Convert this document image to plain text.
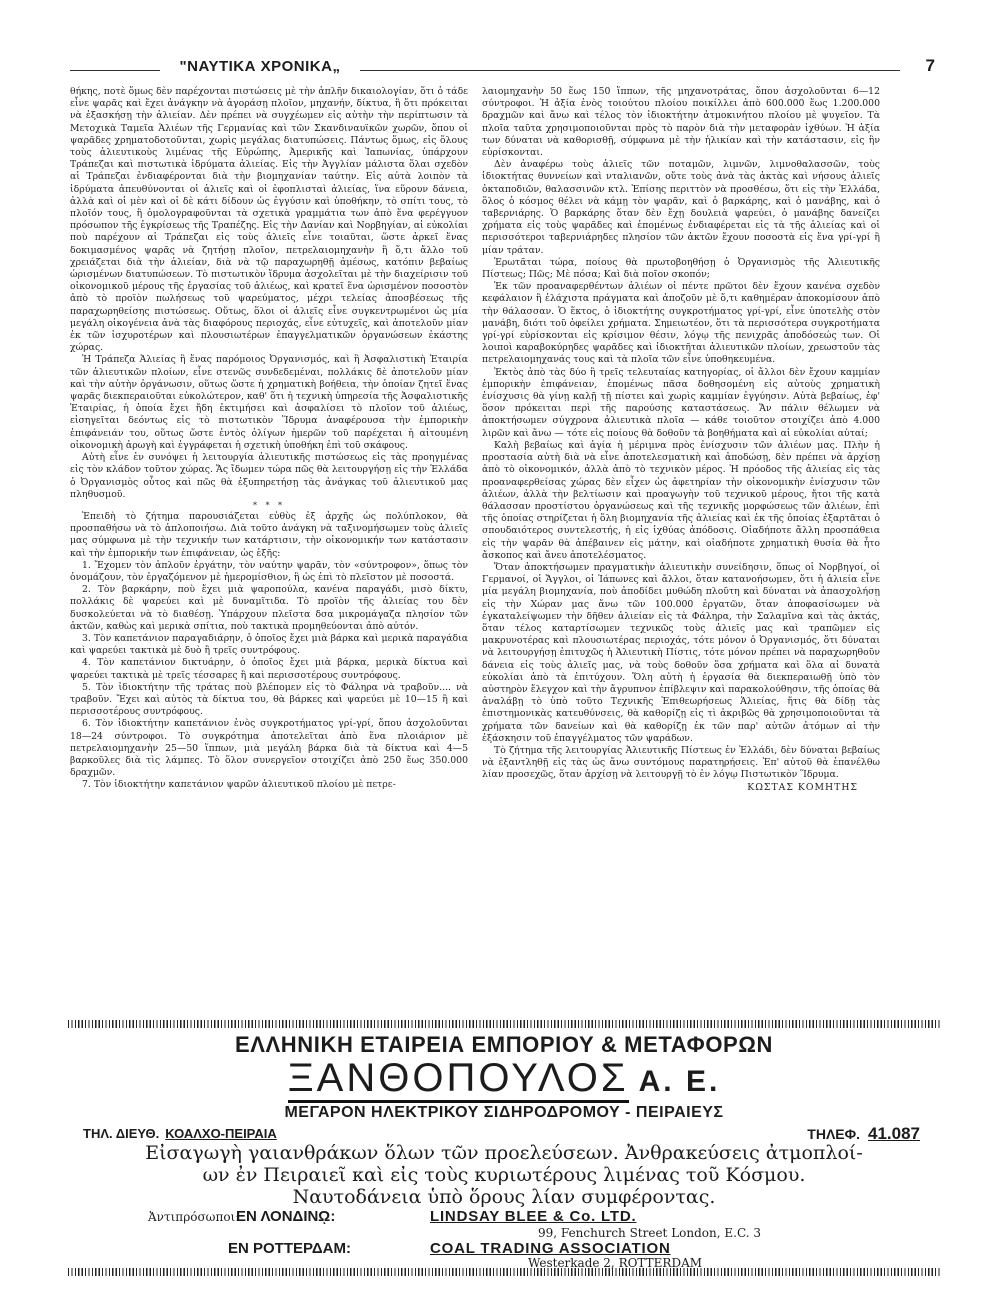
"ΝΑΥΤΙΚΑ ΧΡΟΝΙΚΑ„	7

θήκης, ποτὲ ὅμως δὲν παρέχονται πιστώσεις μὲ τὴν ἁπλῆν δικαιολογίαν, ὅτι ὁ τάδε εἶνε ψαρᾶς καὶ ἔχει ἀνάγκην νὰ ἀγοράσῃ πλοῖον, μηχανήν, δίκτυα, ἢ ὅτι πρόκειται νὰ ἐξασκήσῃ τὴν ἁλιείαν. Δὲν πρέπει νὰ συγχέωμεν εἰς αὐτὴν τὴν περίπτωσιν τὰ Μετοχικὰ Ταμεῖα Ἁλιέων τῆς Γερμανίας καὶ τῶν Σκανδιναυϊκῶν χωρῶν, ὅπου οἱ ψαρᾶδες χρηματοδοτοῦνται, χωρὶς μεγάλας διατυπώσεις. Πάντως ὅμως, εἰς ὅλους τοὺς ἁλιευτικοὺς λιμένας τῆς Εὐρώπης, Ἀμερικῆς καὶ Ἰαπωνίας, ὑπάρχουν Τράπεζαι καὶ πιστωτικὰ ἱδρύματα ἁλιείας. Εἰς τὴν Ἀγγλίαν μάλιστα ὅλαι σχεδὸν αἱ Τράπεζαι ἐνδιαφέρονται διὰ τὴν βιομηχανίαν ταύτην. Εἰς αὐτὰ λοιπὸν τὰ ἱδρύματα ἀπευθύνονται οἱ ἁλιεῖς καὶ οἱ ἐφοπλισταὶ ἁλιείας, ἵνα εὕρουν δάνεια, ἀλλὰ καὶ οἱ μὲν καὶ οἱ δὲ κάτι δίδουν ὡς ἐγγύσιν καὶ ὑποθήκην, τὸ σπίτι τους, τὸ πλοῖόν τους, ἢ ὁμολογραφοῦνται τὰ σχετικὰ γραμμάτια των ἀπὸ ἕνα φερέγγυον πρόσωπον τῆς ἐγκρίσεως τῆς Τραπέζης. Εἰς τὴν Δανίαν καὶ Νορβηγίαν, αἱ εὐκολίαι ποὺ παρέχουν αἱ Τράπεζαι εἰς τοὺς ἁλιεῖς εἶνε τοιαῦται, ὥστε ἀρκεῖ ἕνας δοκιμασμένος ψαρᾶς νὰ ζητήσῃ πλοῖον, πετρελαιομηχανὴν ἢ ὅ,τι ἄλλο τοῦ χρειάζεται διὰ τὴν ἁλιείαν, διὰ νὰ τῷ παραχωρηθῇ ἀμέσως, κατόπιν βεβαίως ὡρισμένων διατυπώσεων. Τὸ πιστωτικὸν ἵδρυμα ἀσχολεῖται μὲ τὴν διαχείρισιν τοῦ οἰκονομικοῦ μέρους τῆς ἐργασίας τοῦ ἁλιέως, καὶ κρατεῖ ἕνα ὡρισμένον ποσοστὸν ἀπὸ τὸ προϊὸν πωλήσεως τοῦ ψαρεύματος, μέχρι τελείας ἀποσβέσεως τῆς παραχωρηθείσης πιστώσεως. Οὕτως, ὅλοι οἱ ἁλιεῖς εἶνε συγκεντρωμένοι ὡς μία μεγάλη οἰκογένεια ἀνὰ τὰς διαφόρους περιοχάς, εἶνε εὐτυχεῖς, καὶ ἀποτελοῦν μίαν ἐκ τῶν ἰσχυροτέρων καὶ πλουσιωτέρων ἐπαγγελματικῶν ὀργανώσεων ἑκάστης χώρας.

Ἡ Τράπεζα Ἁλιείας ἢ ἕνας παρόμοιος Ὀργανισμός, καὶ ἢ Ἀσφαλιστικὴ Ἑταιρία τῶν ἁλιευτικῶν πλοίων, εἶνε στενῶς συνδεδεμέναι, πολλάκις δὲ ἀποτελοῦν μίαν καὶ τὴν αὐτὴν ὀργάνωσιν, οὕτως ὥστε ἡ χρηματικὴ βοήθεια, τὴν ὁποίαν ζητεῖ ἕνας ψαρᾶς διεκπεραιοῦται εὐκολώτερον, καθ' ὅτι ἡ τεχνικὴ ὑπηρεσία τῆς Ἀσφαλιστικῆς Ἑταιρίας, ἡ ὁποία ἔχει ἤδη ἐκτιμήσει καὶ ἀσφαλίσει τὸ πλοῖον τοῦ ἁλιέως, εἰσηγεῖται δεόντως εἰς τὸ πιστωτικὸν Ἵδρυμα ἀναφέρουσα τὴν ἐμπορικὴν ἐπιφάνειάν του, οὕτως ὥστε ἐντὸς ὀλίγων ἡμερῶν τοῦ παρέχεται ἡ αἰτουμένη οἰκονομικὴ ἀρωγὴ καὶ ἐγγράφεται ἡ σχετικὴ ὑποθήκη ἐπὶ τοῦ σκάφους.

Αὐτὴ εἶνε ἐν συνόψει ἡ λειτουργία ἁλιευτικῆς πιστώσεως εἰς τὰς προηγμένας εἰς τὸν κλάδον τοῦτον χώρας. Ἄς ἴδωμεν τώρα πῶς θὰ λειτουργήσῃ εἰς τὴν Ἑλλάδα ὁ Ὀργανισμὸς οὗτος καὶ πῶς θὰ ἐξυπηρετήσῃ τὰς ἀνάγκας τοῦ ἁλιευτικοῦ μας πληθυσμοῦ.

* * *

Ἐπειδὴ τὸ ζήτημα παρουσιάζεται εὐθὺς ἐξ ἀρχῆς ὡς πολύπλοκον, θὰ προσπαθήσω νὰ τὸ ἁπλοποιήσω. Διὰ τοῦτο ἀνάγκη νὰ ταξινομήσωμεν τοὺς ἁλιεῖς μας σύμφωνα μὲ τὴν τεχνικήν των κατάρτισιν, τὴν οἰκονομικήν των κατάστασιν καὶ τὴν ἐμπορικήν των ἐπιφάνειαν, ὡς ἑξῆς:

1. Ἔχομεν τὸν ἁπλοῦν ἐργάτην, τὸν ναύτην ψαρᾶν, τὸν «σύντροφον», ὅπως τὸν ὀνομάζουν, τὸν ἐργαζόμενον μὲ ἡμερομίσθιον, ἢ ὡς ἐπὶ τὸ πλεῖστον μὲ ποσοστά.

2. Τὸν βαρκάρην, ποὺ ἔχει μιὰ ψαροπούλα, κανένα παραγάδι, μισὸ δίκτυ, πολλάκις δὲ ψαρεύει καὶ μὲ δυναμῖτιδα. Τὸ προϊὸν τῆς ἁλιείας του δὲν δυσκολεύεται νὰ τὸ διαθέσῃ. Ὑπάρχουν πλεῖστα δσα μικρομάγαζα πλησίον τῶν ἀκτῶν, καθὼς καὶ μερικὰ σπίτια, ποὺ τακτικὰ προμηθεύονται ἀπὸ αὐτόν.

3. Τὸν καπετάνιον παραγαδιάρην, ὁ ὁποῖος ἔχει μιὰ βάρκα καὶ μερικὰ παραγάδια καὶ ψαρεύει τακτικὰ μὲ δυὸ ἢ τρεῖς συντρόφους.

4. Τὸν καπετάνιον δικτυάρην, ὁ ὁποῖος ἔχει μιὰ βάρκα, μερικὰ δίκτυα καὶ ψαρεύει τακτικὰ μὲ τρεῖς τέσσαρες ἢ καὶ περισσοτέρους συντρόφους.

5. Τὸν ἰδιοκτήτην τῆς τράτας ποὺ βλέπομεν εἰς τὸ Φάληρα νὰ τραβοῦν.... νὰ τραβοῦν. Ἔχει καὶ αὐτὸς τὰ δίκτυα του, θὰ βάρκες καὶ ψαρεύει μὲ 10—15 ἢ καὶ περισσοτέρους συντρόφους.

6. Τὸν ἰδιοκτήτην καπετάνιον ἑνὸς συγκροτήματος γρί-γρί, ὅπου ἀσχολοῦνται 18—24 σύντροφοι. Τὸ συγκρότημα ἀποτελεῖται ἀπὸ ἕνα πλοιάριον μὲ πετρελαιομηχανὴν 25—50 ἵππων, μιὰ μεγάλη βάρκα διὰ τὰ δίκτυα καὶ 4—5 βαρκοῦλες διὰ τὶς λάμπες. Τὸ ὅλον συνεργεῖον στοιχίζει ἀπὸ 250 ἕως 350.000 δραχμῶν.

7. Τὸν ἰδιοκτήτην καπετάνιον ψαρῶν ἁλιευτικοῦ πλοίου μὲ πετρε-

λαιομηχανὴν 50 ἕως 150 ἵππων, τῆς μηχανοτράτας, ὅπου ἀσχολοῦνται 6—12 σύντροφοι. Ἡ ἀξία ἑνὸς τοιούτου πλοίου ποικίλλει ἀπὸ 600.000 ἕως 1.200.000 δραχμῶν καὶ ἄνω καὶ τέλος τὸν ἰδιοκτήτην ἀτμοκινήτου πλοίου μὲ ψυγεῖον. Τὰ πλοῖα ταῦτα χρησιμοποιοῦνται πρὸς τὸ παρὸν διὰ τὴν μεταφορὰν ἰχθύων. Ἡ ἀξία των δύναται νὰ καθορισθῇ, σύμφωνα μὲ τὴν ἡλικίαν καὶ τὴν κατάστασιν, εἰς ἣν εὑρίσκονται.

Δὲν ἀναφέρω τοὺς ἁλιεῖς τῶν ποταμῶν, λιμνῶν, λιμνοθαλασσῶν, τοὺς ἰδιοκτήτας θυννείων καὶ νταλιανῶν, οὔτε τοὺς ἀνὰ τὰς ἀκτὰς καὶ νήσους ἁλιεῖς ὀκταποδιῶν, θαλασσινῶν κτλ. Ἐπίσης περιττὸν νὰ προσθέσω, ὅτι εἰς τὴν Ἑλλάδα, ὅλος ὁ κόσμος θέλει νὰ κάμῃ τὸν ψαρᾶν, καὶ ὁ βαρκάρης, καὶ ὁ μανάβης, καὶ ὁ ταβερνιάρης. Ὁ βαρκάρης ὅταν δὲν ἔχῃ δουλειὰ ψαρεύει, ὁ μανάβης δανείζει χρήματα εἰς τοὺς ψαρᾶδες καὶ ἑπομένως ἐνδιαφέρεται εἰς τὰ τῆς ἁλιείας καὶ οἱ περισσότεροι ταβερνιάρηδες πλησίον τῶν ἀκτῶν ἔχουν ποσοστὰ εἰς ἕνα γρί-γρί ἢ μίαν τράταν.

Ἐρωτᾶται τώρα, ποίους θὰ πρωτοβοηθήσῃ ὁ Ὀργανισμὸς τῆς Ἁλιευτικῆς Πίστεως; Πῶς; Μὲ πόσα; Καὶ διὰ ποῖον σκοπόν;

Ἐκ τῶν προαναφερθέντων ἁλιέων οἱ πέντε πρῶτοι δὲν ἔχουν κανένα σχεδὸν κεφάλαιον ἢ ἐλάχιστα πράγματα καὶ ἀποζοῦν μὲ ὅ,τι καθημέραν ἀποκομίσουν ἀπὸ τὴν θάλασσαν. Ὁ ἕκτος, ὁ ἰδιοκτήτης συγκροτήματος γρί-γρί, εἶνε ὑποτελὴς στὸν μανάβη, διότι τοῦ ὀφείλει χρήματα. Σημειωτέον, ὅτι τὰ περισσότερα συγκροτήματα γρί-γρί εὑρίσκονται εἰς κρίσιμον θέσιν, λόγῳ τῆς πενιχρᾶς ἀποδόσεώς των. Οἱ λοιποὶ καραβοκύρηδες ψαρᾶδες καὶ ἰδιοκτῆται ἁλιευτικῶν πλοίων, χρεωστοῦν τὰς πετρελαιομηχανάς τους καὶ τὰ πλοῖα τῶν εἶνε ὑποθηκευμένα.

Ἐκτὸς ἀπὸ τὰς δύο ἢ τρεῖς τελευταίας κατηγορίας, οἱ ἄλλοι δὲν ἔχουν καμμίαν ἐμπορικὴν ἐπιφάνειαν, ἑπομένως πᾶσα δοθησομένη εἰς αὐτοὺς χρηματικὴ ἐνίσχυσις θὰ γίνῃ καλῇ τῇ πίστει καὶ χωρὶς καμμίαν ἐγγύησιν. Αὐτὰ βεβαίως, ἐφ' ὅσον πρόκειται περὶ τῆς παρούσης καταστάσεως. Ἄν πάλιν θέλωμεν νὰ ἀποκτήσωμεν σύγχρονα ἁλιευτικὰ πλοῖα — κάθε τοιοῦτον στοιχίζει ἀπὸ 4.000 λιρῶν καὶ ἄνω — τότε εἰς ποίους θὰ δοθοῦν τὰ βοηθήματα καὶ αἱ εὐκολίαι αὐταί;

Καλὴ βεβαίως καὶ ἁγία ἡ μέριμνα πρὸς ἐνίσχυσιν τῶν ἁλιέων μας. Πλὴν ἡ προστασία αὐτὴ διὰ νὰ εἶνε ἀποτελεσματικὴ καὶ ἀποδώσῃ, δὲν πρέπει νὰ ἀρχίσῃ ἀπὸ τὸ οἰκονομικόν, ἀλλὰ ἀπὸ τὸ τεχνικὸν μέρος. Ἡ πρόοδος τῆς ἁλιείας εἰς τὰς προαναφερθείσας χώρας δὲν εἶχεν ὡς ἀφετηρίαν τὴν οἰκονομικὴν ἐνίσχυσιν τῶν ἁλιέων, ἀλλὰ τὴν βελτίωσιν καὶ προαγωγὴν τοῦ τεχνικοῦ μέρους, ἤτοι τῆς κατὰ θάλασσαν προστίστου ὀργανώσεως καὶ τῆς τεχνικῆς μορφώσεως τῶν ἁλιέων, ἐπὶ τῆς ὁποίας στηρίζεται ἡ ὅλη βιομηχανία τῆς ἁλιείας καὶ ἐκ τῆς ὁποίας ἐξαρτᾶται ὁ σπουδαιότερος συντελεστής, ἡ εἰς ἰχθύας ἀπόδοσις. Οἱαδήποτε ἄλλη προσπάθεια εἰς τὴν ψαρᾶν θὰ ἀπέβαινεν εἰς μάτην, καὶ οἱαδήποτε χρηματικὴ θυσία θὰ ἦτο ἄσκοπος καὶ ἄνευ ἀποτελέσματος.

Ὅταν ἀποκτήσωμεν πραγματικὴν ἁλιευτικὴν συνείδησιν, ὅπως οἱ Νορβηγοί, οἱ Γερμανοί, οἱ Ἄγγλοι, οἱ Ἰάπωνες καὶ ἄλλοι, ὅταν κατανοήσωμεν, ὅτι ἡ ἁλιεία εἶνε μία μεγάλη βιομηχανία, ποὺ ἀποδίδει μυθώδη πλοῦτη καὶ δύναται νὰ ἀπασχολήσῃ εἰς τὴν Χώραν μας ἄνω τῶν 100.000 ἐργατῶν, ὅταν ἀποφασίσωμεν νὰ ἐγκαταλείψωμεν τὴν δῆθεν ἁλιείαν εἰς τὰ Φάληρα, τὴν Σαλαμῖνα καὶ τὰς ἀκτάς, ὅταν τέλος καταρτίσωμεν τεχνικῶς τοὺς ἁλιεῖς μας καὶ τραπῶμεν εἰς μακρυνοτέρας καὶ πλουσιωτέρας περιοχάς, τότε μόνον ὁ Ὀργανισμός, ὅτι δύναται νὰ λειτουργήσῃ ἐπιτυχῶς ἡ Ἁλιευτικὴ Πίστις, τότε μόνον πρέπει νὰ παραχωρηθοῦν δάνεια εἰς τοὺς ἁλιεῖς μας, νὰ τοὺς δοθοῦν ὅσα χρήματα καὶ ὅλα αἱ δυνατὰ εὐκολίαι ἀπὸ τὰ ἐπιτύχουν. Ὅλη αὐτὴ ἡ ἐργασία θὰ διεκπεραιωθῇ ὑπὸ τὸν αὐστηρὸν ἔλεγχον καὶ τὴν ἄγρυπνον ἐπίβλεψιν καὶ παρακολούθησιν, τῆς ὁποίας θὰ ἀναλάβῃ τὸ ὑπὸ τοῦτο Τεχνικῆς Ἐπιθεωρήσεως Ἁλιείας, ἥτις θὰ δίδῃ τὰς ἐπιστημονικὰς κατευθύνσεις, θὰ καθορίζῃ εἰς τὶ ἀκριβῶς θὰ χρησιμοποιοῦνται τὰ χρήματα τῶν δανείων καὶ θὰ καθορίζῃ ἐκ τῶν παρ' αὐτῶν ἀτόμων αἱ τὴν ἐξάσκησιν τοῦ ἐπαγγέλματος τῶν ψαράδων.

Τὸ ζήτημα τῆς λειτουργίας Ἁλιευτικῆς Πίστεως ἐν Ἑλλάδι, δὲν δύναται βεβαίως νὰ ἐξαντληθῇ εἰς τὰς ὡς ἄνω συντόμους παρατηρήσεις. Ἐπ' αὐτοῦ θὰ ἐπανέλθω λίαν προσεχῶς, ὅταν ἀρχίσῃ νὰ λειτουργῇ τὸ ἐν λόγῳ Πιστωτικὸν Ἵδρυμα.

ΚΩΣΤΑΣ ΚΟΜΗΤΗΣ
ΕΛΛΗΝΙΚΗ ΕΤΑΙΡΕΙΑ ΕΜΠΟΡΙΟΥ & ΜΕΤΑΦΟΡΩΝ
ΞΑΝΘΟΠΟΥΛΟΣ Α. Ε.
ΜΕΓΑΡΟΝ ΗΛΕΚΤΡΙΚΟΥ ΣΙΔΗΡΟΔΡΟΜΟΥ - ΠΕΙΡΑΙΕΥΣ
ΤΗΛ. ΔΙΕΥΘ. ΚΟΑΛΧΟ-ΠΕΙΡΑΙΑ	ΤΗΛΕΦ. 41.087
Εἰσαγωγὴ γαιανθράκων ὅλων τῶν προελεύσεων. Ἀνθρακεύσεις ἀτμοπλοί-
ων ἐν Πειραιεῖ καὶ εἰς τοὺς κυριωτέρους λιμένας τοῦ Κόσμου.
Ναυτοδάνεια ὑπὸ ὅρους λίαν συμφέροντας.
Ἀντιπρόσωποι:
ΕΝ ΛΟΝΔΙΝῼ:	LINDSAY BLEE & Co. LTD.
99, Fenchurch Street London, E.C. 3
ΕΝ ΡΟΤΤΕΡΔΑΜ:	COAL TRADING ASSOCIATION
Westerkade 2, ROTTERDAM
